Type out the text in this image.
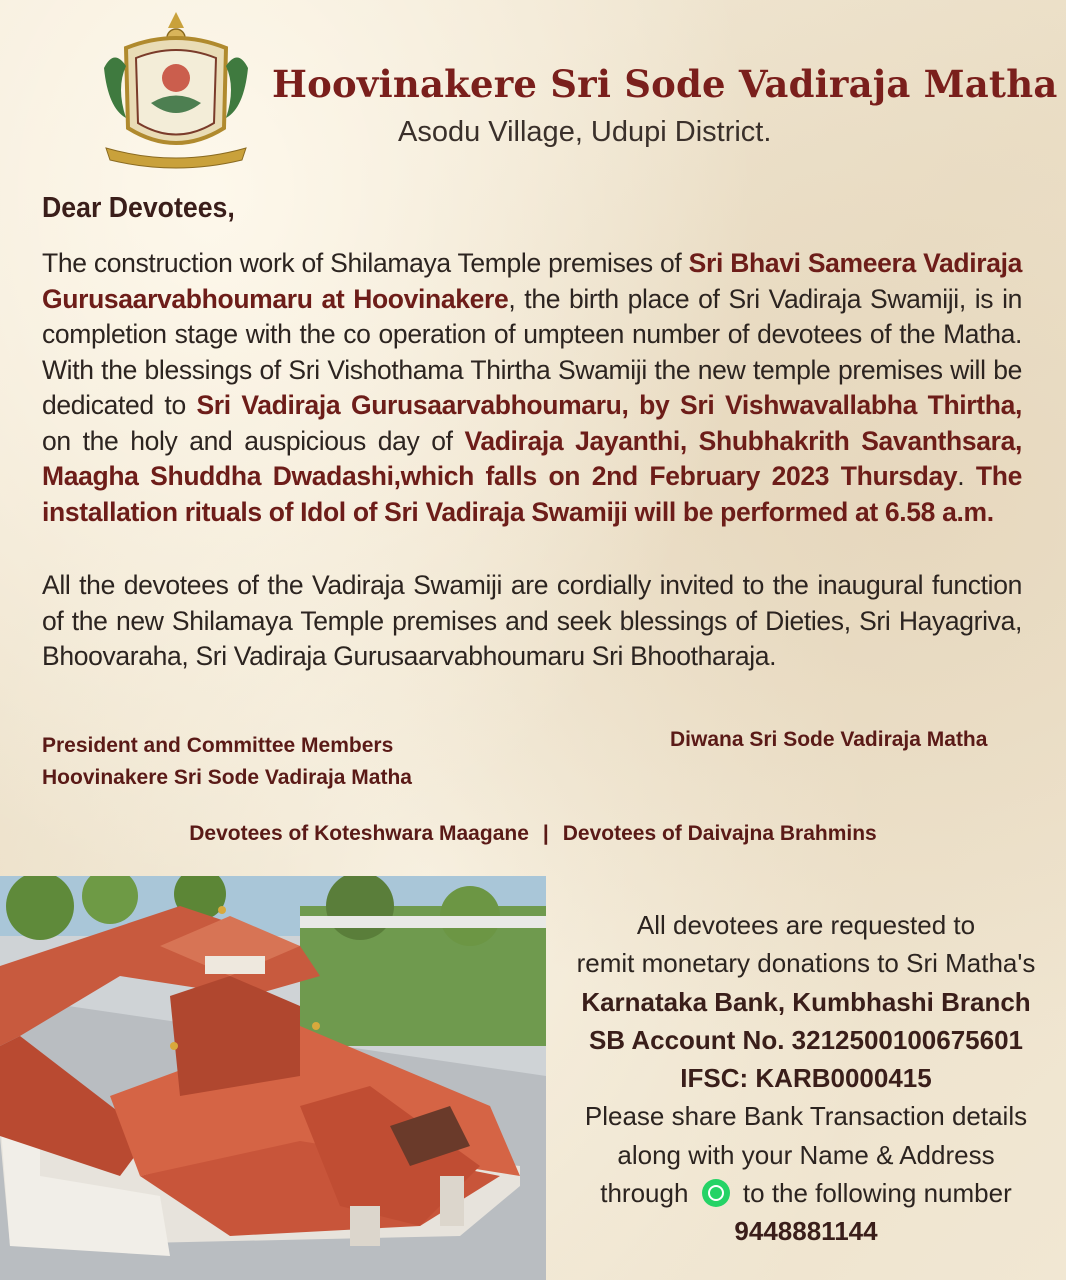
Hoovinakere Sri Sode Vadiraja Matha
Asodu Village, Udupi District.
Dear Devotees,
The construction work of Shilamaya Temple premises of Sri Bhavi Sameera Vadiraja Gurusaarvabhoumaru at Hoovinakere, the birth place of Sri Vadiraja Swamiji, is in completion stage with the co operation of umpteen number of devotees of the Matha. With the blessings of Sri Vishothama Thirtha Swamiji the new temple premises will be dedicated to Sri Vadiraja Gurusaarvabhoumaru, by Sri Vishwavallabha Thirtha, on the holy and auspicious day of Vadiraja Jayanthi, Shubhakrith Savanthsara, Maagha Shuddha Dwadashi,which falls on 2nd February 2023 Thursday. The installation rituals of Idol of Sri Vadiraja Swamiji will be performed at 6.58 a.m.
All the devotees of the Vadiraja Swamiji are cordially invited to the inaugural function of the new Shilamaya Temple premises and seek blessings of Dieties, Sri Hayagriva, Bhoovaraha, Sri Vadiraja Gurusaarvabhoumaru Sri Bhootharaja.
President and Committee Members
Hoovinakere Sri Sode Vadiraja Matha
Diwana Sri Sode Vadiraja Matha
Devotees of Koteshwara Maagane | Devotees of Daivajna Brahmins
All devotees are requested to
remit monetary donations to Sri Matha's
Karnataka Bank, Kumbhashi Branch
SB Account No. 3212500100675601
IFSC: KARB0000415
Please share Bank Transaction details
along with your Name & Address
through to the following number
9448881144
